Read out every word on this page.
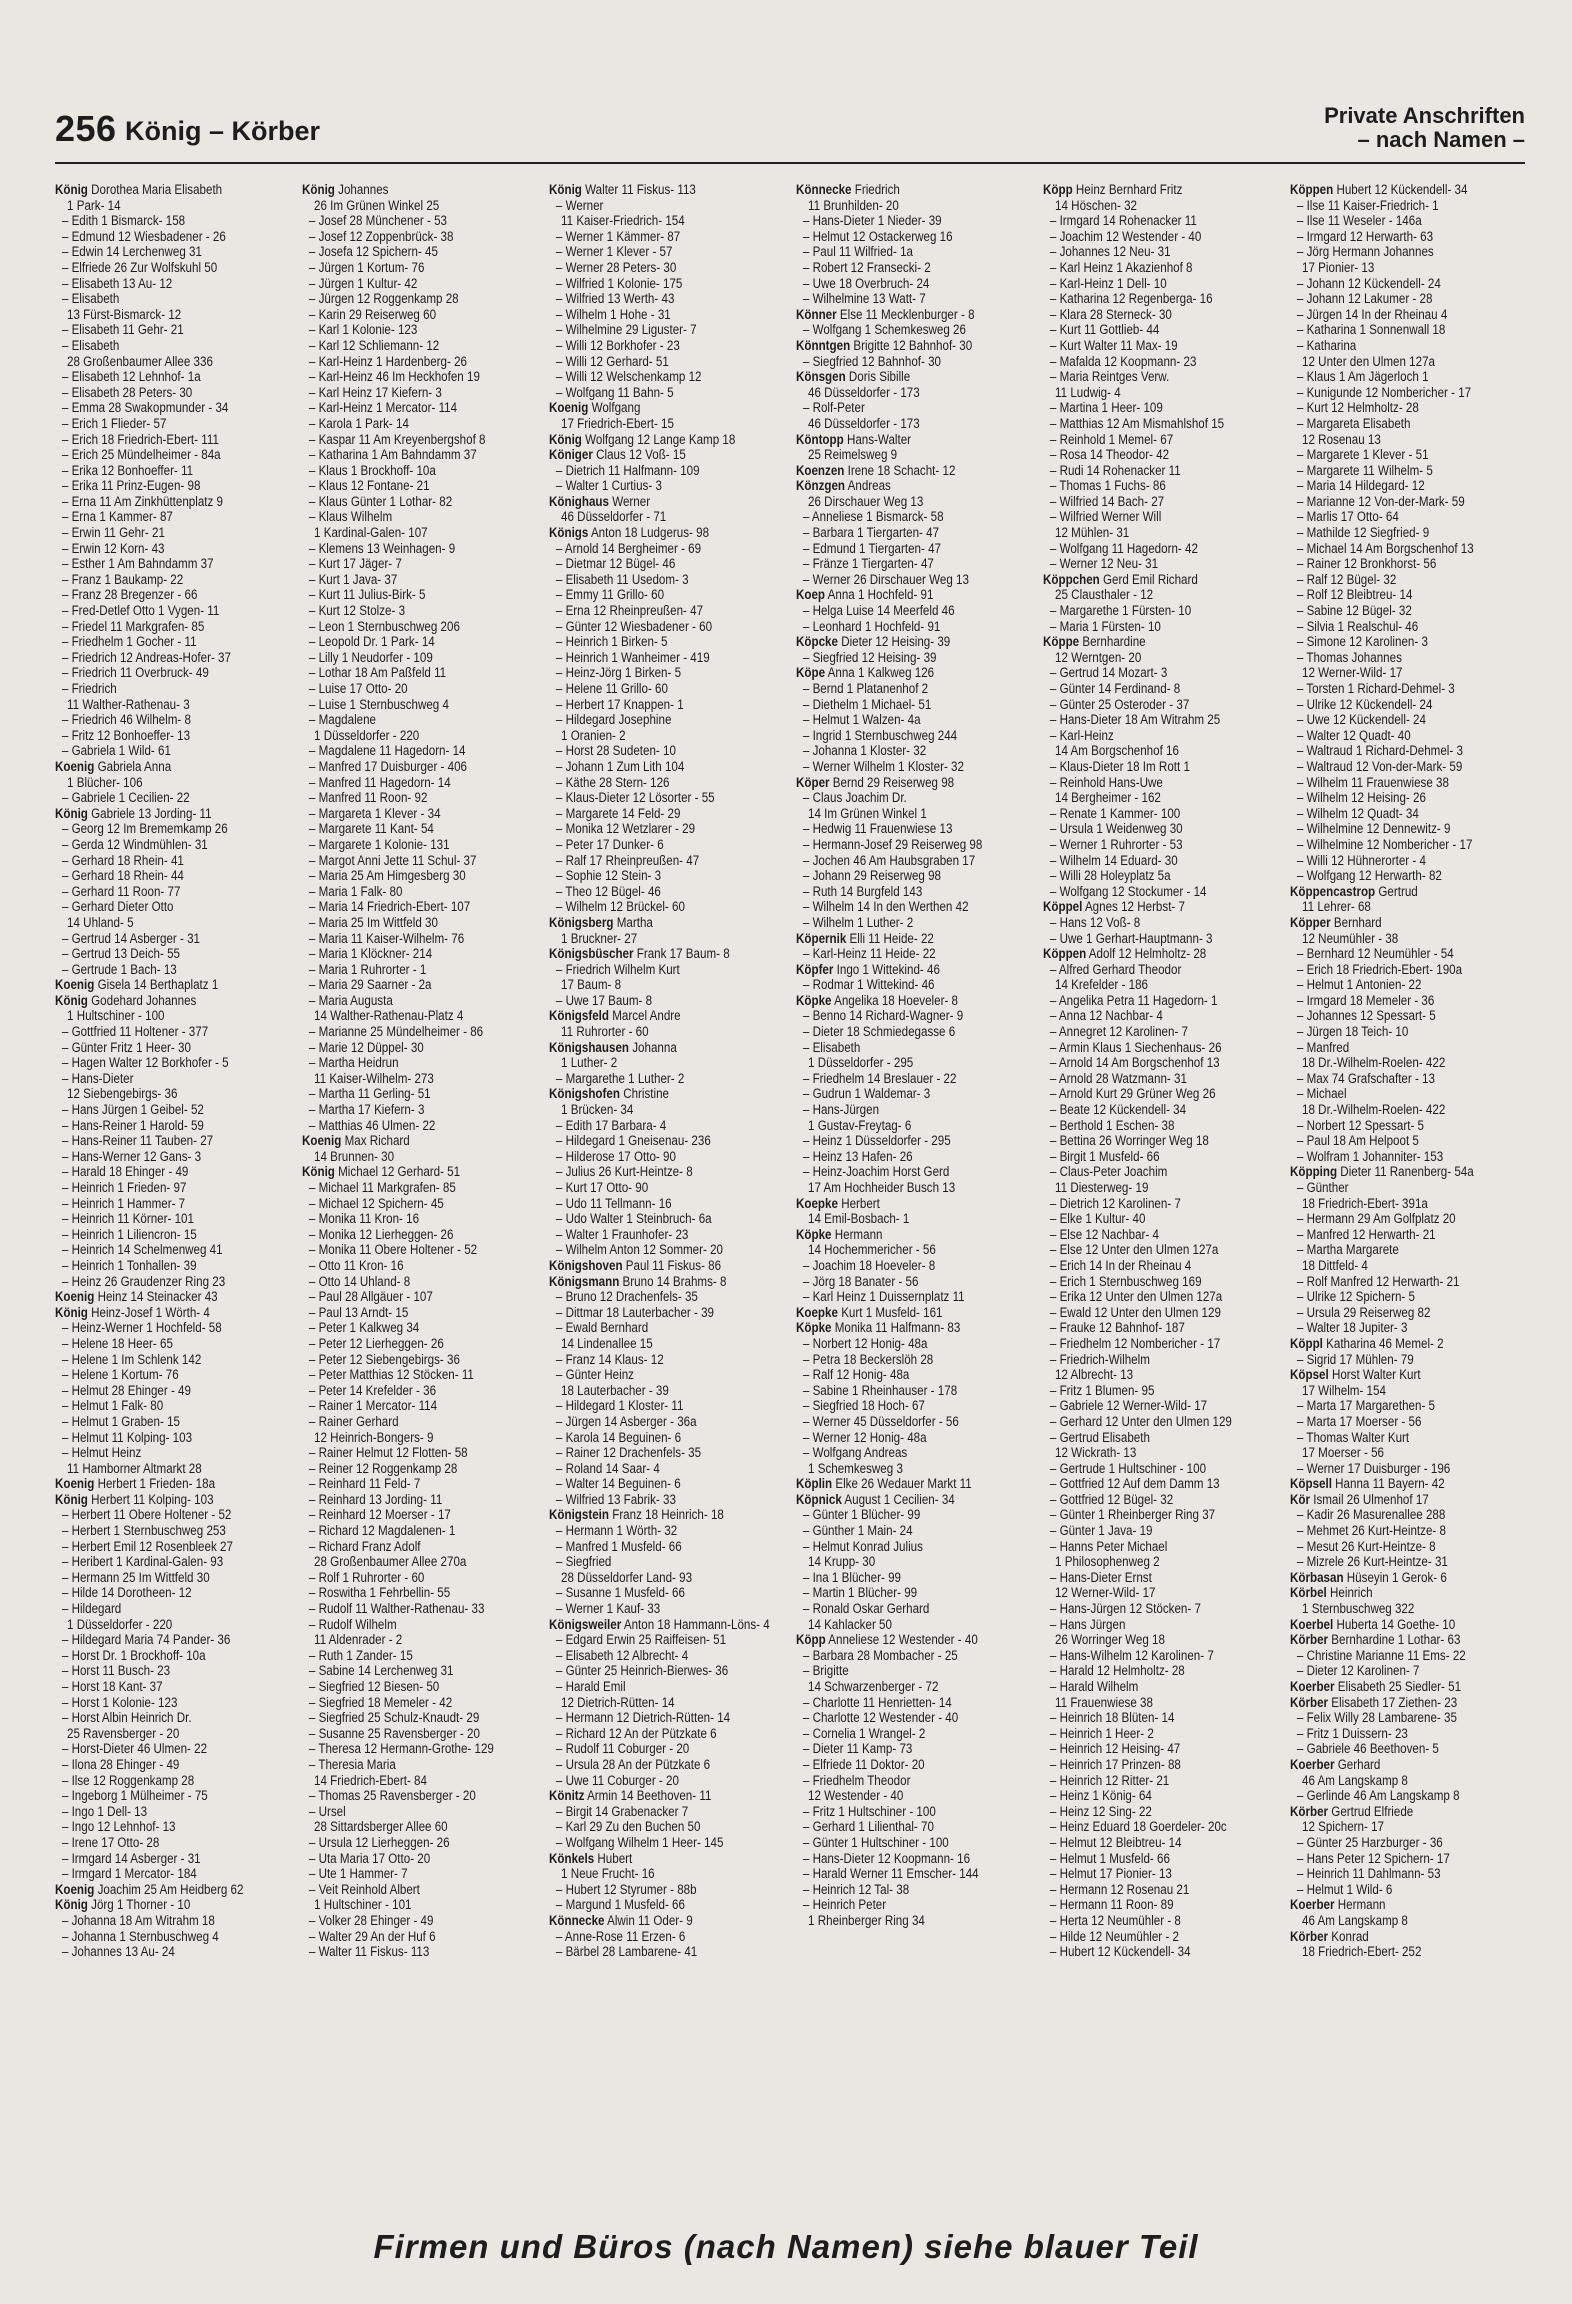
256 König – Körber
Private Anschriften
– nach Namen –
König Dorothea Maria Elisabeth
1 Park- 14
– Edith 1 Bismarck- 158
– Edmund 12 Wiesbadener - 26
– Edwin 14 Lerchenweg 31
– Elfriede 26 Zur Wolfskuhl 50
– Elisabeth 13 Au- 12
– Elisabeth
13 Fürst-Bismarck- 12
– Elisabeth 11 Gehr- 21
– Elisabeth
28 Großenbaumer Allee 336
– Elisabeth 12 Lehnhof- 1a
– Elisabeth 28 Peters- 30
– Emma 28 Swakopmunder - 34
– Erich 1 Flieder- 57
– Erich 18 Friedrich-Ebert- 111
– Erich 25 Mündelheimer - 84a
– Erika 12 Bonhoeffer- 11
– Erika 11 Prinz-Eugen- 98
– Erna 11 Am Zinkhüttenplatz 9
– Erna 1 Kammer- 87
– Erwin 11 Gehr- 21
– Erwin 12 Korn- 43
– Esther 1 Am Bahndamm 37
– Franz 1 Baukamp- 22
– Franz 28 Bregenzer - 66
– Fred-Detlef Otto 1 Vygen- 11
– Friedel 11 Markgrafen- 85
– Friedhelm 1 Gocher - 11
– Friedrich 12 Andreas-Hofer- 37
– Friedrich 11 Overbruck- 49
– Friedrich
11 Walther-Rathenau- 3
– Friedrich 46 Wilhelm- 8
– Fritz 12 Bonhoeffer- 13
– Gabriela 1 Wild- 61
Koenig Gabriela Anna
1 Blücher- 106
– Gabriele 1 Cecilien- 22
König Gabriele 13 Jording- 11
– Georg 12 Im Brememkamp 26
– Gerda 12 Windmühlen- 31
– Gerhard 18 Rhein- 41
– Gerhard 18 Rhein- 44
– Gerhard 11 Roon- 77
– Gerhard Dieter Otto
14 Uhland- 5
– Gertrud 14 Asberger - 31
– Gertrud 13 Deich- 55
– Gertrude 1 Bach- 13
Koenig Gisela 14 Berthaplatz 1
König Godehard Johannes
1 Hultschiner - 100
– Gottfried 11 Holtener - 377
– Günter Fritz 1 Heer- 30
– Hagen Walter 12 Borkhofer - 5
– Hans-Dieter
12 Siebengebirgs- 36
– Hans Jürgen 1 Geibel- 52
– Hans-Reiner 1 Harold- 59
– Hans-Reiner 11 Tauben- 27
– Hans-Werner 12 Gans- 3
– Harald 18 Ehinger - 49
– Heinrich 1 Frieden- 97
– Heinrich 1 Hammer- 7
– Heinrich 11 Körner- 101
– Heinrich 1 Liliencron- 15
– Heinrich 14 Schelmenweg 41
– Heinrich 1 Tonhallen- 39
– Heinz 26 Graudenzer Ring 23
Koenig Heinz 14 Steinacker 43
König Heinz-Josef 1 Wörth- 4
– Heinz-Werner 1 Hochfeld- 58
– Helene 18 Heer- 65
– Helene 1 Im Schlenk 142
– Helene 1 Kortum- 76
– Helmut 28 Ehinger - 49
– Helmut 1 Falk- 80
– Helmut 1 Graben- 15
– Helmut 11 Kolping- 103
– Helmut Heinz
11 Hamborner Altmarkt 28
Koenig Herbert 1 Frieden- 18a
König Herbert 11 Kolping- 103
– Herbert 11 Obere Holtener - 52
– Herbert 1 Sternbuschweg 253
– Herbert Emil 12 Rosenbleek 27
– Heribert 1 Kardinal-Galen- 93
– Hermann 25 Im Wittfeld 30
– Hilde 14 Dorotheen- 12
– Hildegard
1 Düsseldorfer - 220
– Hildegard Maria 74 Pander- 36
– Horst Dr. 1 Brockhoff- 10a
– Horst 11 Busch- 23
– Horst 18 Kant- 37
– Horst 1 Kolonie- 123
– Horst Albin Heinrich Dr.
25 Ravensberger - 20
– Horst-Dieter 46 Ulmen- 22
– Ilona 28 Ehinger - 49
– Ilse 12 Roggenkamp 28
– Ingeborg 1 Mülheimer - 75
– Ingo 1 Dell- 13
– Ingo 12 Lehnhof- 13
– Irene 17 Otto- 28
– Irmgard 14 Asberger - 31
– Irmgard 1 Mercator- 184
Koenig Joachim 25 Am Heidberg 62
König Jörg 1 Thorner - 10
– Johanna 18 Am Witrahm 18
– Johanna 1 Sternbuschweg 4
– Johannes 13 Au- 24
König Johannes
26 Im Grünen Winkel 25
– Josef 28 Münchener - 53
– Josef 12 Zoppenbrück- 38
– Josefa 12 Spichern- 45
– Jürgen 1 Kortum- 76
– Jürgen 1 Kultur- 42
– Jürgen 12 Roggenkamp 28
– Karin 29 Reiserweg 60
– Karl 1 Kolonie- 123
– Karl 12 Schliemann- 12
– Karl-Heinz 1 Hardenberg- 26
– Karl-Heinz 46 Im Heckhofen 19
– Karl Heinz 17 Kiefern- 3
– Karl-Heinz 1 Mercator- 114
– Karola 1 Park- 14
– Kaspar 11 Am Kreyenbergshof 8
– Katharina 1 Am Bahndamm 37
– Klaus 1 Brockhoff- 10a
– Klaus 12 Fontane- 21
– Klaus Günter 1 Lothar- 82
– Klaus Wilhelm
1 Kardinal-Galen- 107
– Klemens 13 Weinhagen- 9
– Kurt 17 Jäger- 7
– Kurt 1 Java- 37
– Kurt 11 Julius-Birk- 5
– Kurt 12 Stolze- 3
– Leon 1 Sternbuschweg 206
– Leopold Dr. 1 Park- 14
– Lilly 1 Neudorfer - 109
– Lothar 18 Am Paßfeld 11
– Luise 17 Otto- 20
– Luise 1 Sternbuschweg 4
– Magdalene
1 Düsseldorfer - 220
– Magdalene 11 Hagedorn- 14
– Manfred 17 Duisburger - 406
– Manfred 11 Hagedorn- 14
– Manfred 11 Roon- 92
– Margareta 1 Klever - 34
– Margarete 11 Kant- 54
– Margarete 1 Kolonie- 131
– Margot Anni Jette 11 Schul- 37
– Maria 25 Am Himgesberg 30
– Maria 1 Falk- 80
– Maria 14 Friedrich-Ebert- 107
– Maria 25 Im Wittfeld 30
– Maria 11 Kaiser-Wilhelm- 76
– Maria 1 Klöckner- 214
– Maria 1 Ruhrorter - 1
– Maria 29 Saarner - 2a
– Maria Augusta
14 Walther-Rathenau-Platz 4
– Marianne 25 Mündelheimer - 86
– Marie 12 Düppel- 30
– Martha Heidrun
11 Kaiser-Wilhelm- 273
– Martha 11 Gerling- 51
– Martha 17 Kiefern- 3
– Matthias 46 Ulmen- 22
Koenig Max Richard
14 Brunnen- 30
König Michael 12 Gerhard- 51
– Michael 11 Markgrafen- 85
– Michael 12 Spichern- 45
– Monika 11 Kron- 16
– Monika 12 Lierheggen- 26
– Monika 11 Obere Holtener - 52
– Otto 11 Kron- 16
– Otto 14 Uhland- 8
– Paul 28 Allgäuer - 107
– Paul 13 Arndt- 15
– Peter 1 Kalkweg 34
– Peter 12 Lierheggen- 26
– Peter 12 Siebengebirgs- 36
– Peter Matthias 12 Stöcken- 11
– Peter 14 Krefelder - 36
– Rainer 1 Mercator- 114
– Rainer Gerhard
12 Heinrich-Bongers- 9
– Rainer Helmut 12 Flotten- 58
– Reiner 12 Roggenkamp 28
– Reinhard 11 Feld- 7
– Reinhard 13 Jording- 11
– Reinhard 12 Moerser - 17
– Richard 12 Magdalenen- 1
– Richard Franz Adolf
28 Großenbaumer Allee 270a
– Rolf 1 Ruhrorter - 60
– Roswitha 1 Fehrbellin- 55
– Rudolf 11 Walther-Rathenau- 33
– Rudolf Wilhelm
11 Aldenrader - 2
– Ruth 1 Zander- 15
– Sabine 14 Lerchenweg 31
– Siegfried 12 Biesen- 50
– Siegfried 18 Memeler - 42
– Siegfried 25 Schulz-Knaudt- 29
– Susanne 25 Ravensberger - 20
– Theresa 12 Hermann-Grothe- 129
– Theresia Maria
14 Friedrich-Ebert- 84
– Thomas 25 Ravensberger - 20
– Ursel
28 Sittardsberger Allee 60
– Ursula 12 Lierheggen- 26
– Uta Maria 17 Otto- 20
– Ute 1 Hammer- 7
– Veit Reinhold Albert
1 Hultschiner - 101
– Volker 28 Ehinger - 49
– Walter 29 An der Huf 6
– Walter 11 Fiskus- 113
König Walter 11 Fiskus- 113
– Werner
11 Kaiser-Friedrich- 154
– Werner 1 Kämmer- 87
– Werner 1 Klever - 57
– Werner 28 Peters- 30
– Wilfried 1 Kolonie- 175
– Wilfried 13 Werth- 43
– Wilhelm 1 Hohe - 31
– Wilhelmine 29 Liguster- 7
– Willi 12 Borkhofer - 23
– Willi 12 Gerhard- 51
– Willi 12 Welschenkamp 12
– Wolfgang 11 Bahn- 5
Koenig Wolfgang
17 Friedrich-Ebert- 15
König Wolfgang 12 Lange Kamp 18
Königer Claus 12 Voß- 15
– Dietrich 11 Halfmann- 109
– Walter 1 Curtius- 3
Könighaus Werner
46 Düsseldorfer - 71
Königs Anton 18 Ludgerus- 98
– Arnold 14 Bergheimer - 69
– Dietmar 12 Bügel- 46
– Elisabeth 11 Usedom- 3
– Emmy 11 Grillo- 60
– Erna 12 Rheinpreußen- 47
– Günter 12 Wiesbadener - 60
– Heinrich 1 Birken- 5
– Heinrich 1 Wanheimer - 419
– Heinz-Jörg 1 Birken- 5
– Helene 11 Grillo- 60
– Herbert 17 Knappen- 1
– Hildegard Josephine
1 Oranien- 2
– Horst 28 Sudeten- 10
– Johann 1 Zum Lith 104
– Käthe 28 Stern- 126
– Klaus-Dieter 12 Lösorter - 55
– Margarete 14 Feld- 29
– Monika 12 Wetzlarer - 29
– Peter 17 Dunker- 6
– Ralf 17 Rheinpreußen- 47
– Sophie 12 Stein- 3
– Theo 12 Bügel- 46
– Wilhelm 12 Brückel- 60
Königsberg Martha
1 Bruckner- 27
Königsbüscher Frank 17 Baum- 8
– Friedrich Wilhelm Kurt
17 Baum- 8
– Uwe 17 Baum- 8
Königsfeld Marcel Andre
11 Ruhrorter - 60
Königshausen Johanna
1 Luther- 2
– Margarethe 1 Luther- 2
Königshofen Christine
1 Brücken- 34
– Edith 17 Barbara- 4
– Hildegard 1 Gneisenau- 236
– Hilderose 17 Otto- 90
– Julius 26 Kurt-Heintze- 8
– Kurt 17 Otto- 90
– Udo 11 Tellmann- 16
– Udo Walter 1 Steinbruch- 6a
– Walter 1 Fraunhofer- 23
– Wilhelm Anton 12 Sommer- 20
Königshoven Paul 11 Fiskus- 86
Königsmann Bruno 14 Brahms- 8
– Bruno 12 Drachenfels- 35
– Dittmar 18 Lauterbacher - 39
– Ewald Bernhard
14 Lindenallee 15
– Franz 14 Klaus- 12
– Günter Heinz
18 Lauterbacher - 39
– Hildegard 1 Kloster- 11
– Jürgen 14 Asberger - 36a
– Karola 14 Beguinen- 6
– Rainer 12 Drachenfels- 35
– Roland 14 Saar- 4
– Walter 14 Beguinen- 6
– Wilfried 13 Fabrik- 33
Königstein Franz 18 Heinrich- 18
– Hermann 1 Wörth- 32
– Manfred 1 Musfeld- 66
– Siegfried
28 Düsseldorfer Land- 93
– Susanne 1 Musfeld- 66
– Werner 1 Kauf- 33
Königsweiler Anton 18 Hammann-Löns- 4
– Edgard Erwin 25 Raiffeisen- 51
– Elisabeth 12 Albrecht- 4
– Günter 25 Heinrich-Bierwes- 36
– Harald Emil
12 Dietrich-Rütten- 14
– Hermann 12 Dietrich-Rütten- 14
– Richard 12 An der Pützkate 6
– Rudolf 11 Coburger - 20
– Ursula 28 An der Pützkate 6
– Uwe 11 Coburger - 20
Könitz Armin 14 Beethoven- 11
– Birgit 14 Grabenacker 7
– Karl 29 Zu den Buchen 50
– Wolfgang Wilhelm 1 Heer- 145
Könkels Hubert
1 Neue Frucht- 16
– Hubert 12 Styrumer - 88b
– Margund 1 Musfeld- 66
Könnecke Alwin 11 Oder- 9
– Anne-Rose 11 Erzen- 6
– Bärbel 28 Lambarene- 41
Könnecke Friedrich
11 Brunhilden- 20
– Hans-Dieter 1 Nieder- 39
– Helmut 12 Ostackerweg 16
– Paul 11 Wilfried- 1a
– Robert 12 Fransecki- 2
– Uwe 18 Overbruch- 24
– Wilhelmine 13 Watt- 7
Könner Else 11 Mecklenburger - 8
– Wolfgang 1 Schemkesweg 26
Könntgen Brigitte 12 Bahnhof- 30
– Siegfried 12 Bahnhof- 30
Könsgen Doris Sibille
46 Düsseldorfer - 173
– Rolf-Peter
46 Düsseldorfer - 173
Köntopp Hans-Walter
25 Reimelsweg 9
Koenzen Irene 18 Schacht- 12
Könzgen Andreas
26 Dirschauer Weg 13
– Anneliese 1 Bismarck- 58
– Barbara 1 Tiergarten- 47
– Edmund 1 Tiergarten- 47
– Fränze 1 Tiergarten- 47
– Werner 26 Dirschauer Weg 13
Koep Anna 1 Hochfeld- 91
– Helga Luise 14 Meerfeld 46
– Leonhard 1 Hochfeld- 91
Köpcke Dieter 12 Heising- 39
– Siegfried 12 Heising- 39
Köpe Anna 1 Kalkweg 126
– Bernd 1 Platanenhof 2
– Diethelm 1 Michael- 51
– Helmut 1 Walzen- 4a
– Ingrid 1 Sternbuschweg 244
– Johanna 1 Kloster- 32
– Werner Wilhelm 1 Kloster- 32
Köper Bernd 29 Reiserweg 98
– Claus Joachim Dr.
14 Im Grünen Winkel 1
– Hedwig 11 Frauenwiese 13
– Hermann-Josef 29 Reiserweg 98
– Jochen 46 Am Haubsgraben 17
– Johann 29 Reiserweg 98
– Ruth 14 Burgfeld 143
– Wilhelm 14 In den Werthen 42
– Wilhelm 1 Luther- 2
Köpernik Elli 11 Heide- 22
– Karl-Heinz 11 Heide- 22
Köpfer Ingo 1 Wittekind- 46
– Rodmar 1 Wittekind- 46
Köpke Angelika 18 Hoeveler- 8
– Benno 14 Richard-Wagner- 9
– Dieter 18 Schmiedegasse 6
– Elisabeth
1 Düsseldorfer - 295
– Friedhelm 14 Breslauer - 22
– Gudrun 1 Waldemar- 3
– Hans-Jürgen
1 Gustav-Freytag- 6
– Heinz 1 Düsseldorfer - 295
– Heinz 13 Hafen- 26
– Heinz-Joachim Horst Gerd
17 Am Hochheider Busch 13
Koepke Herbert
14 Emil-Bosbach- 1
Köpke Hermann
14 Hochemmericher - 56
– Joachim 18 Hoeveler- 8
– Jörg 18 Banater - 56
– Karl Heinz 1 Duissernplatz 11
Koepke Kurt 1 Musfeld- 161
Köpke Monika 11 Halfmann- 83
– Norbert 12 Honig- 48a
– Petra 18 Beckerslöh 28
– Ralf 12 Honig- 48a
– Sabine 1 Rheinhauser - 178
– Siegfried 18 Hoch- 67
– Werner 45 Düsseldorfer - 56
– Werner 12 Honig- 48a
– Wolfgang Andreas
1 Schemkesweg 3
Köplin Elke 26 Wedauer Markt 11
Köpnick August 1 Cecilien- 34
– Günter 1 Blücher- 99
– Günther 1 Main- 24
– Helmut Konrad Julius
14 Krupp- 30
– Ina 1 Blücher- 99
– Martin 1 Blücher- 99
– Ronald Oskar Gerhard
14 Kahlacker 50
Köpp Anneliese 12 Westender - 40
– Barbara 28 Mombacher - 25
– Brigitte
14 Schwarzenberger - 72
– Charlotte 11 Henrietten- 14
– Charlotte 12 Westender - 40
– Cornelia 1 Wrangel- 2
– Dieter 11 Kamp- 73
– Elfriede 11 Doktor- 20
– Friedhelm Theodor
12 Westender - 40
– Fritz 1 Hultschiner - 100
– Gerhard 1 Lilienthal- 70
– Günter 1 Hultschiner - 100
– Hans-Dieter 12 Koopmann- 16
– Harald Werner 11 Emscher- 144
– Heinrich 12 Tal- 38
– Heinrich Peter
1 Rheinberger Ring 34
Köpp Heinz Bernhard Fritz
14 Höschen- 32
– Irmgard 14 Rohenacker 11
– Joachim 12 Westender - 40
– Johannes 12 Neu- 31
– Karl Heinz 1 Akazienhof 8
– Karl-Heinz 1 Dell- 10
– Katharina 12 Regenberga- 16
– Klara 28 Sterneck- 30
– Kurt 11 Gottlieb- 44
– Kurt Walter 11 Max- 19
– Mafalda 12 Koopmann- 23
– Maria Reintges Verw.
11 Ludwig- 4
– Martina 1 Heer- 109
– Matthias 12 Am Mismahlshof 15
– Reinhold 1 Memel- 67
– Rosa 14 Theodor- 42
– Rudi 14 Rohenacker 11
– Thomas 1 Fuchs- 86
– Wilfried 14 Bach- 27
– Wilfried Werner Will
12 Mühlen- 31
– Wolfgang 11 Hagedorn- 42
– Werner 12 Neu- 31
Köppchen Gerd Emil Richard
25 Clausthaler - 12
– Margarethe 1 Fürsten- 10
– Maria 1 Fürsten- 10
Köppe Bernhardine
12 Werntgen- 20
– Gertrud 14 Mozart- 3
– Günter 14 Ferdinand- 8
– Günter 25 Osteroder - 37
– Hans-Dieter 18 Am Witrahm 25
– Karl-Heinz
14 Am Borgschenhof 16
– Klaus-Dieter 18 Im Rott 1
– Reinhold Hans-Uwe
14 Bergheimer - 162
– Renate 1 Kammer- 100
– Ursula 1 Weidenweg 30
– Werner 1 Ruhrorter - 53
– Wilhelm 14 Eduard- 30
– Willi 28 Holeyplatz 5a
– Wolfgang 12 Stockumer - 14
Köppel Agnes 12 Herbst- 7
– Hans 12 Voß- 8
– Uwe 1 Gerhart-Hauptmann- 3
Köppen Adolf 12 Helmholtz- 28
– Alfred Gerhard Theodor
14 Krefelder - 186
– Angelika Petra 11 Hagedorn- 1
– Anna 12 Nachbar- 4
– Annegret 12 Karolinen- 7
– Armin Klaus 1 Siechenhaus- 26
– Arnold 14 Am Borgschenhof 13
– Arnold 28 Watzmann- 31
– Arnold Kurt 29 Grüner Weg 26
– Beate 12 Kückendell- 34
– Berthold 1 Eschen- 38
– Bettina 26 Worringer Weg 18
– Birgit 1 Musfeld- 66
– Claus-Peter Joachim
11 Diesterweg- 19
– Dietrich 12 Karolinen- 7
– Elke 1 Kultur- 40
– Else 12 Nachbar- 4
– Else 12 Unter den Ulmen 127a
– Erich 14 In der Rheinau 4
– Erich 1 Sternbuschweg 169
– Erika 12 Unter den Ulmen 127a
– Ewald 12 Unter den Ulmen 129
– Frauke 12 Bahnhof- 187
– Friedhelm 12 Nombericher - 17
– Friedrich-Wilhelm
12 Albrecht- 13
– Fritz 1 Blumen- 95
– Gabriele 12 Werner-Wild- 17
– Gerhard 12 Unter den Ulmen 129
– Gertrud Elisabeth
12 Wickrath- 13
– Gertrude 1 Hultschiner - 100
– Gottfried 12 Auf dem Damm 13
– Gottfried 12 Bügel- 32
– Günter 1 Rheinberger Ring 37
– Günter 1 Java- 19
– Hanns Peter Michael
1 Philosophenweg 2
– Hans-Dieter Ernst
12 Werner-Wild- 17
– Hans-Jürgen 12 Stöcken- 7
– Hans Jürgen
26 Worringer Weg 18
– Hans-Wilhelm 12 Karolinen- 7
– Harald 12 Helmholtz- 28
– Harald Wilhelm
11 Frauenwiese 38
– Heinrich 18 Blüten- 14
– Heinrich 1 Heer- 2
– Heinrich 12 Heising- 47
– Heinrich 17 Prinzen- 88
– Heinrich 12 Ritter- 21
– Heinz 1 König- 64
– Heinz 12 Sing- 22
– Heinz Eduard 18 Goerdeler- 20c
– Helmut 12 Bleibtreu- 14
– Helmut 1 Musfeld- 66
– Helmut 17 Pionier- 13
– Hermann 12 Rosenau 21
– Hermann 11 Roon- 89
– Herta 12 Neumühler - 8
– Hilde 12 Neumühler - 2
– Hubert 12 Kückendell- 34
Köppen Hubert 12 Kückendell- 34
– Ilse 11 Kaiser-Friedrich- 1
– Ilse 11 Weseler - 146a
– Irmgard 12 Herwarth- 63
– Jörg Hermann Johannes
17 Pionier- 13
– Johann 12 Kückendell- 24
– Johann 12 Lakumer - 28
– Jürgen 14 In der Rheinau 4
– Katharina 1 Sonnenwall 18
– Katharina
12 Unter den Ulmen 127a
– Klaus 1 Am Jägerloch 1
– Kunigunde 12 Nombericher - 17
– Kurt 12 Helmholtz- 28
– Margareta Elisabeth
12 Rosenau 13
– Margarete 1 Klever - 51
– Margarete 11 Wilhelm- 5
– Maria 14 Hildegard- 12
– Marianne 12 Von-der-Mark- 59
– Marlis 17 Otto- 64
– Mathilde 12 Siegfried- 9
– Michael 14 Am Borgschenhof 13
– Rainer 12 Bronkhorst- 56
– Ralf 12 Bügel- 32
– Rolf 12 Bleibtreu- 14
– Sabine 12 Bügel- 32
– Silvia 1 Realschul- 46
– Simone 12 Karolinen- 3
– Thomas Johannes
12 Werner-Wild- 17
– Torsten 1 Richard-Dehmel- 3
– Ulrike 12 Kückendell- 24
– Uwe 12 Kückendell- 24
– Walter 12 Quadt- 40
– Waltraud 1 Richard-Dehmel- 3
– Waltraud 12 Von-der-Mark- 59
– Wilhelm 11 Frauenwiese 38
– Wilhelm 12 Heising- 26
– Wilhelm 12 Quadt- 34
– Wilhelmine 12 Dennewitz- 9
– Wilhelmine 12 Nombericher - 17
– Willi 12 Hühnerorter - 4
– Wolfgang 12 Herwarth- 82
Köppencastrop Gertrud
11 Lehrer- 68
Köpper Bernhard
12 Neumühler - 38
– Bernhard 12 Neumühler - 54
– Erich 18 Friedrich-Ebert- 190a
– Helmut 1 Antonien- 22
– Irmgard 18 Memeler - 36
– Johannes 12 Spessart- 5
– Jürgen 18 Teich- 10
– Manfred
18 Dr.-Wilhelm-Roelen- 422
– Max 74 Grafschafter - 13
– Michael
18 Dr.-Wilhelm-Roelen- 422
– Norbert 12 Spessart- 5
– Paul 18 Am Helpoot 5
– Wolfram 1 Johanniter- 153
Köpping Dieter 11 Ranenberg- 54a
– Günther
18 Friedrich-Ebert- 391a
– Hermann 29 Am Golfplatz 20
– Manfred 12 Herwarth- 21
– Martha Margarete
18 Dittfeld- 4
– Rolf Manfred 12 Herwarth- 21
– Ulrike 12 Spichern- 5
– Ursula 29 Reiserweg 82
– Walter 18 Jupiter- 3
Köppl Katharina 46 Memel- 2
– Sigrid 17 Mühlen- 79
Köpsel Horst Walter Kurt
17 Wilhelm- 154
– Marta 17 Margarethen- 5
– Marta 17 Moerser - 56
– Thomas Walter Kurt
17 Moerser - 56
– Werner 17 Duisburger - 196
Köpsell Hanna 11 Bayern- 42
Kör Ismail 26 Ulmenhof 17
– Kadir 26 Masurenallee 288
– Mehmet 26 Kurt-Heintze- 8
– Mesut 26 Kurt-Heintze- 8
– Mizrele 26 Kurt-Heintze- 31
Körbasan Hüseyin 1 Gerok- 6
Körbel Heinrich
1 Sternbuschweg 322
Koerbel Huberta 14 Goethe- 10
Körber Bernhardine 1 Lothar- 63
– Christine Marianne 11 Ems- 22
– Dieter 12 Karolinen- 7
Koerber Elisabeth 25 Siedler- 51
Körber Elisabeth 17 Ziethen- 23
– Felix Willy 28 Lambarene- 35
– Fritz 1 Duissern- 23
– Gabriele 46 Beethoven- 5
Koerber Gerhard
46 Am Langskamp 8
– Gerlinde 46 Am Langskamp 8
Körber Gertrud Elfriede
12 Spichern- 17
– Günter 25 Harzburger - 36
– Hans Peter 12 Spichern- 17
– Heinrich 11 Dahlmann- 53
– Helmut 1 Wild- 6
Koerber Hermann
46 Am Langskamp 8
Körber Konrad
18 Friedrich-Ebert- 252
Firmen und Büros (nach Namen) siehe blauer Teil
